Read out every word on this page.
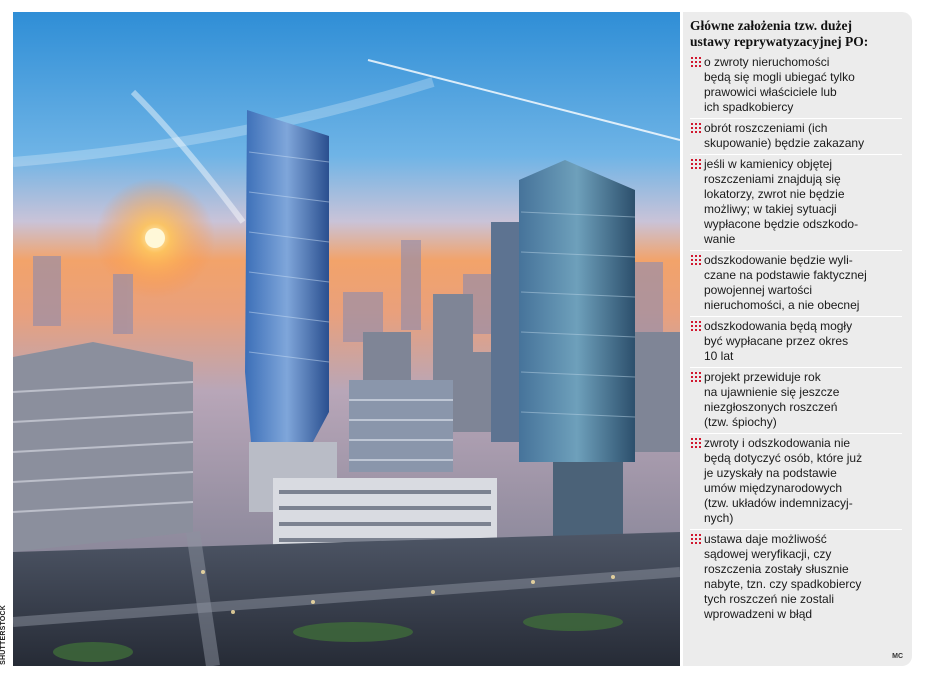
SHUTTERSTOCK
Główne założenia tzw. dużej
ustawy reprywatyzacyjnej PO:
o zwroty nieruchomości
będą się mogli ubiegać tylko
prawowici właściciele lub
ich spadkobiercy
obrót roszczeniami (ich
skupowanie) będzie zakazany
jeśli w kamienicy objętej
roszczeniami znajdują się
lokatorzy, zwrot nie będzie
możliwy; w takiej sytuacji
wypłacone będzie odszkodo-
wanie
odszkodowanie będzie wyli-
czane na podstawie faktycznej
powojennej wartości
nieruchomości, a nie obecnej
odszkodowania będą mogły
być wypłacane przez okres
10 lat
projekt przewiduje rok
na ujawnienie się jeszcze
niezgłoszonych roszczeń
(tzw. śpiochy)
zwroty i odszkodowania nie
będą dotyczyć osób, które już
je uzyskały na podstawie
umów międzynarodowych
(tzw. układów indemnizacyj-
nych)
ustawa daje możliwość
sądowej weryfikacji, czy
roszczenia zostały słusznie
nabyte, tzn. czy spadkobiercy
tych roszczeń nie zostali
wprowadzeni w błąd
MC
